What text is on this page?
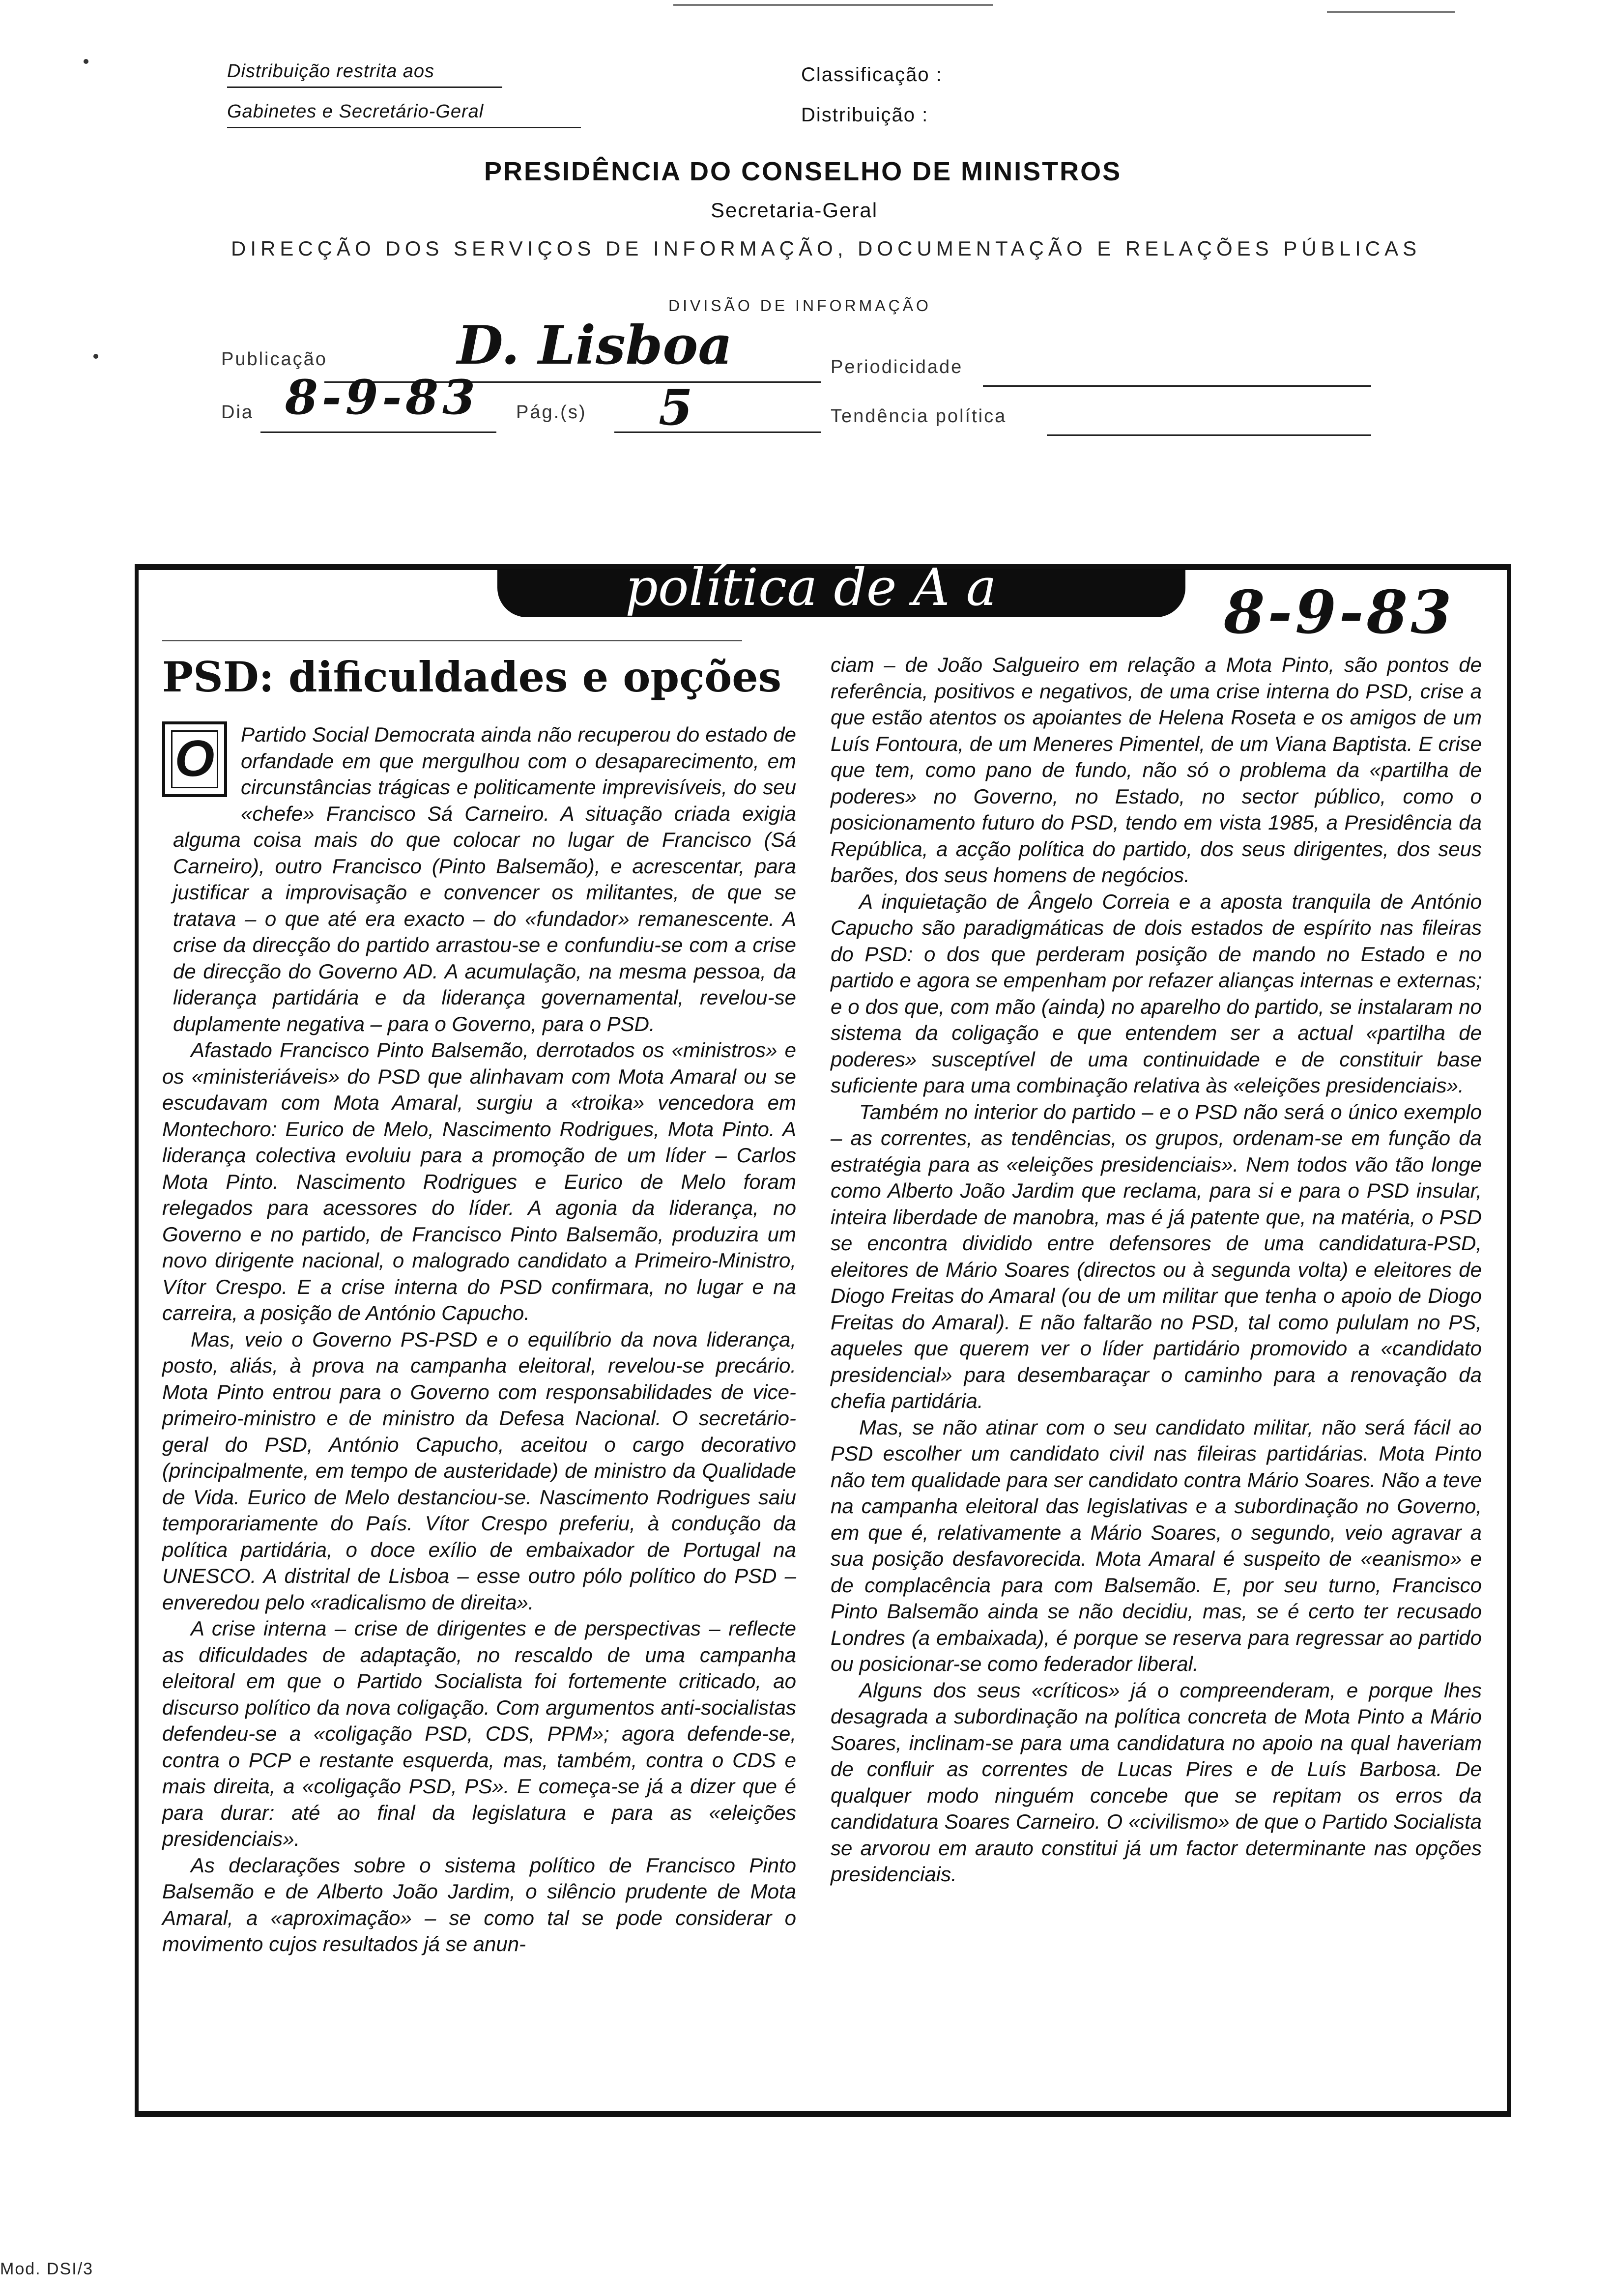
Distribuição restrita aos
Gabinetes e Secretário-Geral
Classificação :
Distribuição :
PRESIDÊNCIA DO CONSELHO DE MINISTROS
Secretaria-Geral
DIRECÇÃO DOS SERVIÇOS DE INFORMAÇÃO, DOCUMENTAÇÃO E RELAÇÕES PÚBLICAS
DIVISÃO DE INFORMAÇÃO
Publicação D. Lisboa	Periodicidade
Dia 8-9-83 Pág.(s) 5	Tendência política
política de A a Z	8-9-83
PSD: dificuldades e opções
O	Partido Social Democrata ainda não recuperou do estado de orfandade em que mergulhou com o desaparecimento, em circunstâncias trágicas e politicamente imprevisíveis, do seu «chefe» Francisco Sá Carneiro. A situação criada exigia alguma coisa mais do que colocar no lugar de Francisco (Sá Carneiro), outro Francisco (Pinto Balsemão), e acrescentar, para justificar a improvisação e convencer os militantes, de que se tratava – o que até era exacto – do «fundador» remanescente. A crise da direcção do partido arrastou-se e confundiu-se com a crise de direcção do Governo AD. A acumulação, na mesma pessoa, da liderança partidária e da liderança governamental, revelou-se duplamente negativa – para o Governo, para o PSD.

Afastado Francisco Pinto Balsemão, derrotados os «ministros» e os «ministeriáveis» do PSD que alinhavam com Mota Amaral ou se escudavam com Mota Amaral, surgiu a «troika» vencedora em Montechoro: Eurico de Melo, Nascimento Rodrigues, Mota Pinto. A liderança colectiva evoluiu para a promoção de um líder – Carlos Mota Pinto. Nascimento Rodrigues e Eurico de Melo foram relegados para acessores do líder. A agonia da liderança, no Governo e no partido, de Francisco Pinto Balsemão, produzira um novo dirigente nacional, o malogrado candidato a Primeiro-Ministro, Vítor Crespo. E a crise interna do PSD confirmara, no lugar e na carreira, a posição de António Capucho.

Mas, veio o Governo PS-PSD e o equilíbrio da nova liderança, posto, aliás, à prova na campanha eleitoral, revelou-se precário. Mota Pinto entrou para o Governo com responsabilidades de vice-primeiro-ministro e de ministro da Defesa Nacional. O secretário-geral do PSD, António Capucho, aceitou o cargo decorativo (principalmente, em tempo de austeridade) de ministro da Qualidade de Vida. Eurico de Melo destanciou-se. Nascimento Rodrigues saiu temporariamente do País. Vítor Crespo preferiu, à condução da política partidária, o doce exílio de embaixador de Portugal na UNESCO. A distrital de Lisboa – esse outro pólo político do PSD – enveredou pelo «radicalismo de direita».

A crise interna – crise de dirigentes e de perspectivas – reflecte as dificuldades de adaptação, no rescaldo de uma campanha eleitoral em que o Partido Socialista foi fortemente criticado, ao discurso político da nova coligação. Com argumentos anti-socialistas defendeu-se a «coligação PSD, CDS, PPM»; agora defende-se, contra o PCP e restante esquerda, mas, também, contra o CDS e mais direita, a «coligação PSD, PS». E começa-se já a dizer que é para durar: até ao final da legislatura e para as «eleições presidenciais».

As declarações sobre o sistema político de Francisco Pinto Balsemão e de Alberto João Jardim, o silêncio prudente de Mota Amaral, a «aproximação» – se como tal se pode considerar o movimento cujos resultados já se anun-

ciam – de João Salgueiro em relação a Mota Pinto, são pontos de referência, positivos e negativos, de uma crise interna do PSD, crise a que estão atentos os apoiantes de Helena Roseta e os amigos de um Luís Fontoura, de um Meneres Pimentel, de um Viana Baptista. E crise que tem, como pano de fundo, não só o problema da «partilha de poderes» no Governo, no Estado, no sector público, como o posicionamento futuro do PSD, tendo em vista 1985, a Presidência da República, a acção política do partido, dos seus dirigentes, dos seus barões, dos seus homens de negócios.

A inquietação de Ângelo Correia e a aposta tranquila de António Capucho são paradigmáticas de dois estados de espírito nas fileiras do PSD: o dos que perderam posição de mando no Estado e no partido e agora se empenham por refazer alianças internas e externas; e o dos que, com mão (ainda) no aparelho do partido, se instalaram no sistema da coligação e que entendem ser a actual «partilha de poderes» susceptível de uma continuidade e de constituir base suficiente para uma combinação relativa às «eleições presidenciais».

Também no interior do partido – e o PSD não será o único exemplo – as correntes, as tendências, os grupos, ordenam-se em função da estratégia para as «eleições presidenciais». Nem todos vão tão longe como Alberto João Jardim que reclama, para si e para o PSD insular, inteira liberdade de manobra, mas é já patente que, na matéria, o PSD se encontra dividido entre defensores de uma candidatura-PSD, eleitores de Mário Soares (directos ou à segunda volta) e eleitores de Diogo Freitas do Amaral (ou de um militar que tenha o apoio de Diogo Freitas do Amaral). E não faltarão no PSD, tal como pululam no PS, aqueles que querem ver o líder partidário promovido a «candidato presidencial» para desembaraçar o caminho para a renovação da chefia partidária.

Mas, se não atinar com o seu candidato militar, não será fácil ao PSD escolher um candidato civil nas fileiras partidárias. Mota Pinto não tem qualidade para ser candidato contra Mário Soares. Não a teve na campanha eleitoral das legislativas e a subordinação no Governo, em que é, relativamente a Mário Soares, o segundo, veio agravar a sua posição desfavorecida. Mota Amaral é suspeito de «eanismo» e de complacência para com Balsemão. E, por seu turno, Francisco Pinto Balsemão ainda se não decidiu, mas, se é certo ter recusado Londres (a embaixada), é porque se reserva para regressar ao partido ou posicionar-se como federador liberal.

Alguns dos seus «críticos» já o compreenderam, e porque lhes desagrada a subordinação na política concreta de Mota Pinto a Mário Soares, inclinam-se para uma candidatura no apoio na qual haveriam de confluir as correntes de Lucas Pires e de Luís Barbosa. De qualquer modo ninguém concebe que se repitam os erros da candidatura Soares Carneiro. O «civilismo» de que o Partido Socialista se arvorou em arauto constitui já um factor determinante nas opções presidenciais.

Mod. DSI/3
